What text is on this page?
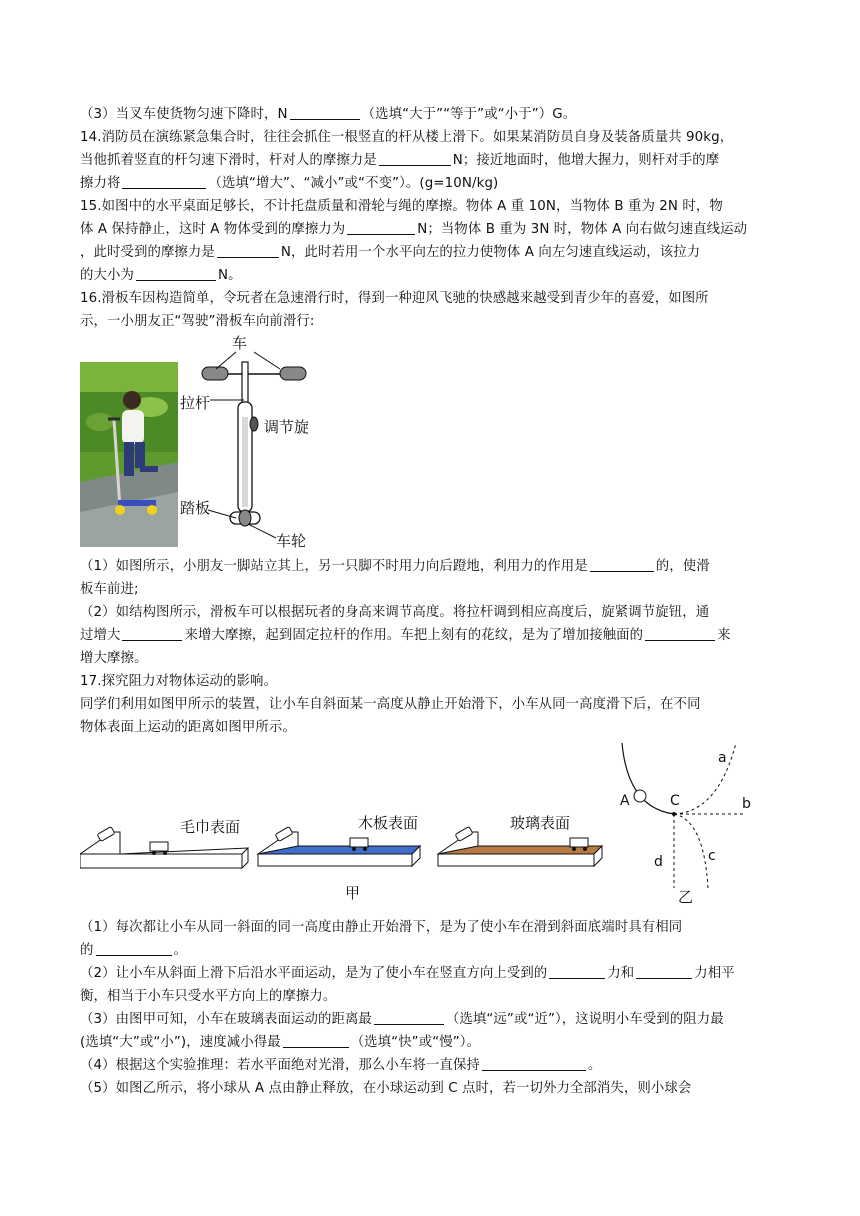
（3）当叉车使货物匀速下降时，N	（选填“大于”“等于”或“小于”）G。
14.消防员在演练紧急集合时，往往会抓住一根竖直的杆从楼上滑下。如果某消防员自身及装备质量共 90kg，
当他抓着竖直的杆匀速下滑时，杆对人的摩擦力是	N；接近地面时，他增大握力，则杆对手的摩
擦力将	（选填“增大”、“减小”或“不变”）。(g=10N/kg)
15.如图中的水平桌面足够长，不计托盘质量和滑轮与绳的摩擦。物体 A 重 10N，当物体 B 重为 2N 时，物
体 A 保持静止，这时 A 物体受到的摩擦力为	N；当物体 B 重为 3N 时，物体 A 向右做匀速直线运动
，此时受到的摩擦力是	N，此时若用一个水平向左的拉力使物体 A 向左匀速直线运动，该拉力
的大小为	N。
16.滑板车因构造简单，令玩者在急速滑行时，得到一种迎风飞驰的快感越来越受到青少年的喜爱，如图所
示，一小朋友正“驾驶”滑板车向前滑行:
车
拉杆
调节旋
踏板
车轮
（1）如图所示，小朋友一脚站立其上，另一只脚不时用力向后蹬地，利用力的作用是	的，使滑
板车前进;
（2）如结构图所示，滑板车可以根据玩者的身高来调节高度。将拉杆调到相应高度后，旋紧调节旋钮，通
过增大	来增大摩擦，起到固定拉杆的作用。车把上刻有的花纹，是为了增加接触面的	来
增大摩擦。
17.探究阻力对物体运动的影响。
同学们利用如图甲所示的装置，让小车自斜面某一高度从静止开始滑下，小车从同一高度滑下后，在不同
物体表面上运动的距离如图甲所示。
毛巾表面	木板表面	玻璃表面
甲
A	C
a
b
c
d
乙
（1）每次都让小车从同一斜面的同一高度由静止开始滑下，是为了使小车在滑到斜面底端时具有相同
的	。
（2）让小车从斜面上滑下后沿水平面运动，是为了使小车在竖直方向上受到的	力和	力相平
衡，相当于小车只受水平方向上的摩擦力。
（3）由图甲可知，小车在玻璃表面运动的距离最	（选填“远”或“近”），这说明小车受到的阻力最
(选填“大”或“小”)，速度减小得最	（选填“快”或“慢”）。
（4）根据这个实验推理：若水平面绝对光滑，那么小车将一直保持	。
（5）如图乙所示，将小球从 A 点由静止释放，在小球运动到 C 点时，若一切外力全部消失，则小球会
